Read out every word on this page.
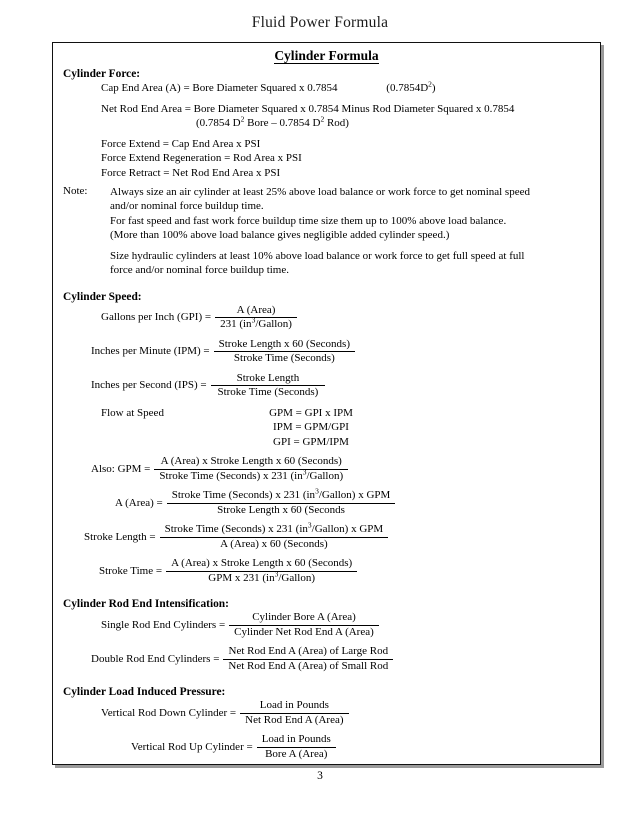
Fluid Power Formula
Cylinder Formula
Cylinder Force:
Cap End Area (A) = Bore Diameter Squared x 0.7854	$(0.7854D^2)$
Net Rod End Area = Bore Diameter Squared x 0.7854 Minus Rod Diameter Squared x 0.7854
(0.7854 $D^2$ Bore – 0.7854 $D^2$ Rod)
Force Extend = Cap End Area x PSI
Force Extend Regeneration = Rod Area x PSI
Force Retract = Net Rod End Area x PSI
Note: Always size an air cylinder at least 25% above load balance or work force to get nominal speed
and/or nominal force buildup time.
For fast speed and fast work force buildup time size them up to 100% above load balance.
(More than 100% above load balance gives negligible added cylinder speed.)
Size hydraulic cylinders at least 10% above load balance or work force to get full speed at full
force and/or nominal force buildup time.
Cylinder Speed:
Gallons per Inch $(GPI) = \frac{\text{A (Area)}}{231 (in^3/Gallon)}$
Inches per Minute $(IPM) = \frac{\text{Stroke Length x 60 (Seconds)}}{\text{Stroke Time (Seconds)}}$
Inches per Second $(IPS) = \frac{\text{Stroke Length}}{\text{Stroke Time (Seconds)}}$
Flow at Speed	GPM = GPI x IPM
IPM = GPM/GPI
GPI = GPM/IPM
Also: GPM = $\frac{\text{A (Area) x Stroke Length x 60 (Seconds)}}{Stroke Time (Seconds) x 231 (in^3/Gallon)}$
A (Area) = $\frac{Stroke Time (Seconds) x 231 (in^3/Gallon) x GPM}{\text{Stroke Length x 60 (Seconds}}$
Stroke Length = $\frac{Stroke Time (Seconds) x 231 (in^3/Gallon) x GPM}{\text{A (Area) x 60 (Seconds)}}$
Stroke Time = $\frac{\text{A (Area) x Stroke Length x 60 (Seconds)}}{GPM x 231 (in^3/Gallon)}$
Cylinder Rod End Intensification:
Single Rod End Cylinders = $\frac{\text{Cylinder Bore A (Area)}}{\text{Cylinder Net Rod End A (Area)}}$
Double Rod End Cylinders = $\frac{\text{Net Rod End A (Area) of Large Rod}}{\text{Net Rod End A (Area) of Small Rod}}$
Cylinder Load Induced Pressure:
Vertical Rod Down Cylinder = $\frac{\text{Load in Pounds}}{\text{Net Rod End A (Area)}}$
Vertical Rod Up Cylinder = $\frac{\text{Load in Pounds}}{\text{Bore A (Area)}}$
3
